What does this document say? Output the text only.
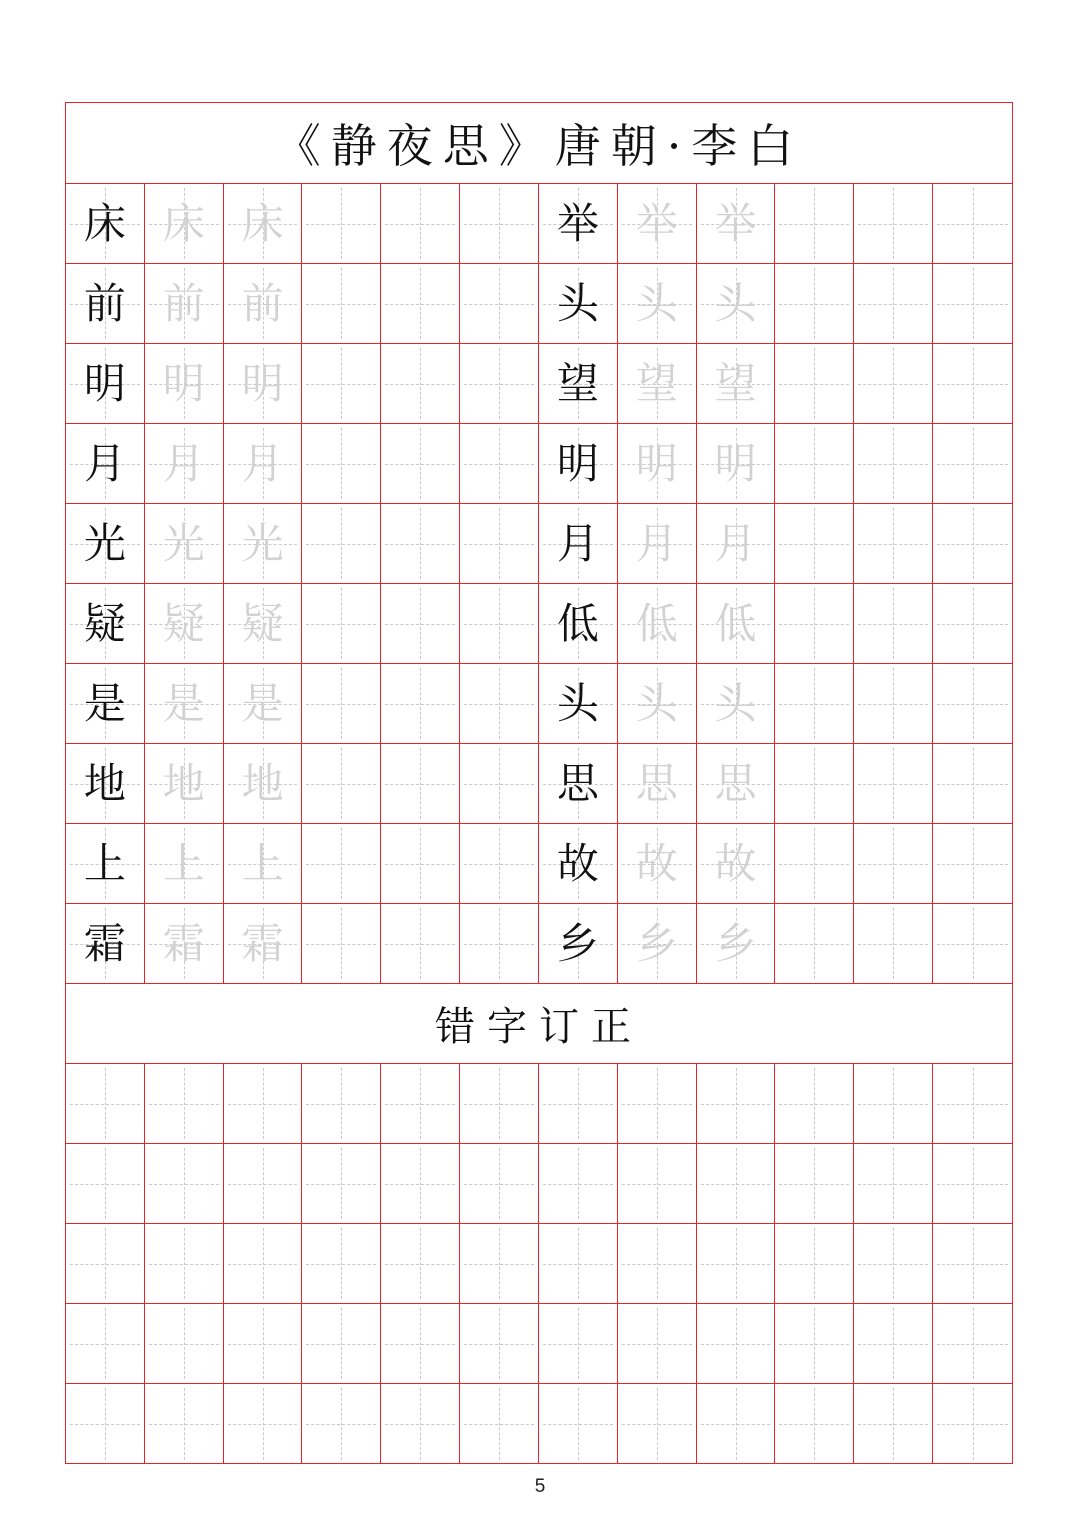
《静夜思》唐朝·李白
床 床 床	举 举 举
前 前 前	头 头 头
明 明 明	望 望 望
月 月 月	明 明 明
光 光 光	月 月 月
疑 疑 疑	低 低 低
是 是 是	头 头 头
地 地 地	思 思 思
上 上 上	故 故 故
霜 霜 霜	乡 乡 乡
错字订正
5
